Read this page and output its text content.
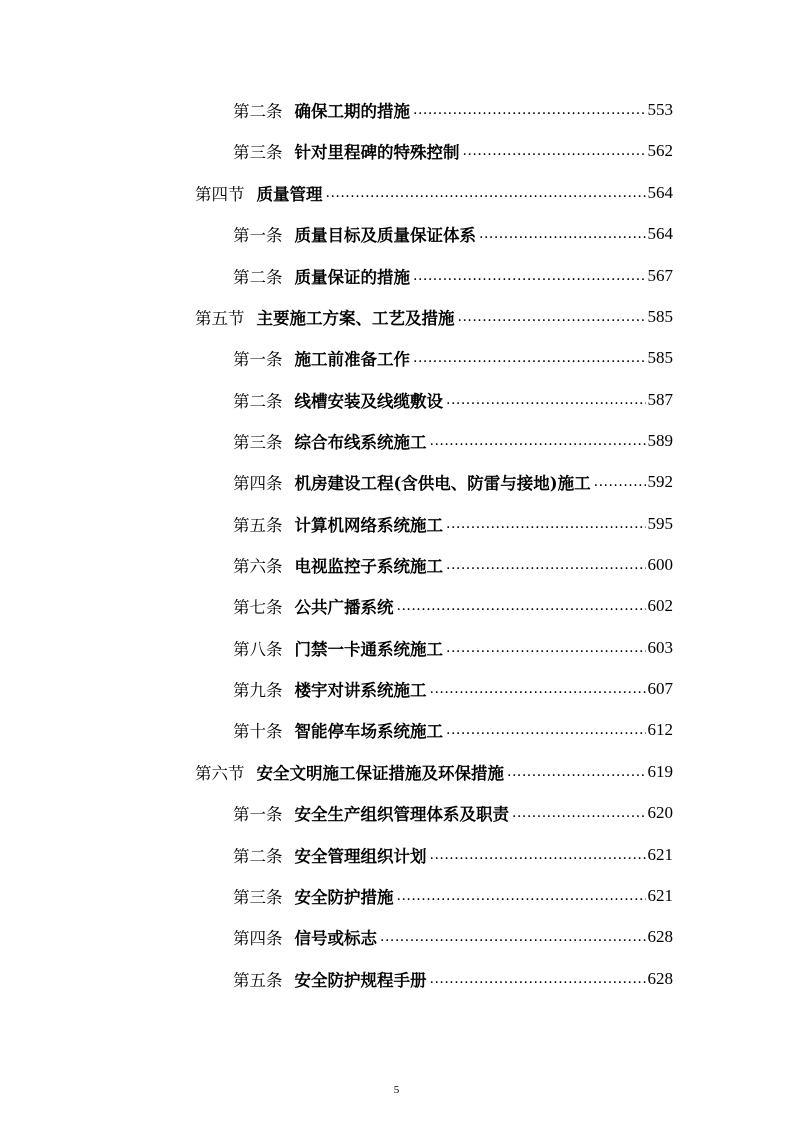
第二条 确保工期的措施 .....	553
第三条 针对里程碑的特殊控制 .....	562
第四节 质量管理 .....	564
第一条 质量目标及质量保证体系 .....	564
第二条 质量保证的措施 .....	567
第五节 主要施工方案、工艺及措施 .....	585
第一条 施工前准备工作 .....	585
第二条 线槽安装及线缆敷设 .....	587
第三条 综合布线系统施工 .....	589
第四条 机房建设工程(含供电、防雷与接地)施工 .....	592
第五条 计算机网络系统施工 .....	595
第六条 电视监控子系统施工 .....	600
第七条 公共广播系统 .....	602
第八条 门禁一卡通系统施工 .....	603
第九条 楼宇对讲系统施工 .....	607
第十条 智能停车场系统施工 .....	612
第六节 安全文明施工保证措施及环保措施 .....	619
第一条 安全生产组织管理体系及职责 .....	620
第二条 安全管理组织计划 .....	621
第三条 安全防护措施 .....	621
第四条 信号或标志 .....	628
第五条 安全防护规程手册 .....	628
5
